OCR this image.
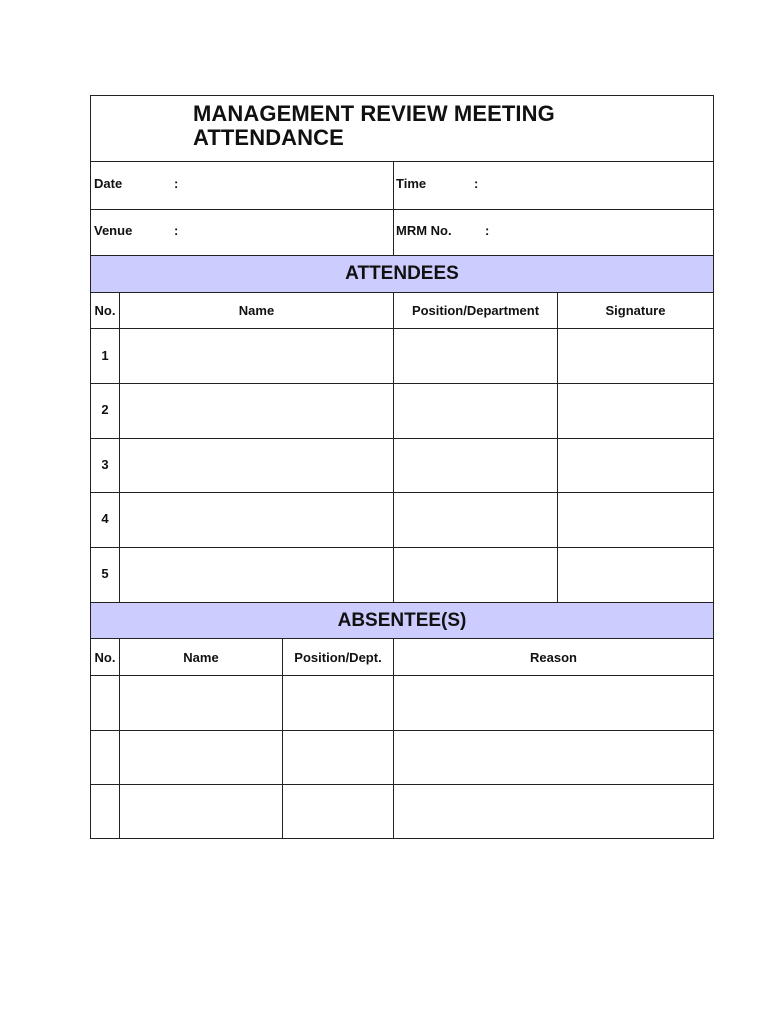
MANAGEMENT REVIEW MEETING
ATTENDANCE
ATTENDEES
ABSENTEE(S)
Date	:	Time	:
Venue	:	MRM No.	:
No.	Name	Position/Department	Signature
1
2
3
4
5
No.	Name	Position/Dept.	Reason
